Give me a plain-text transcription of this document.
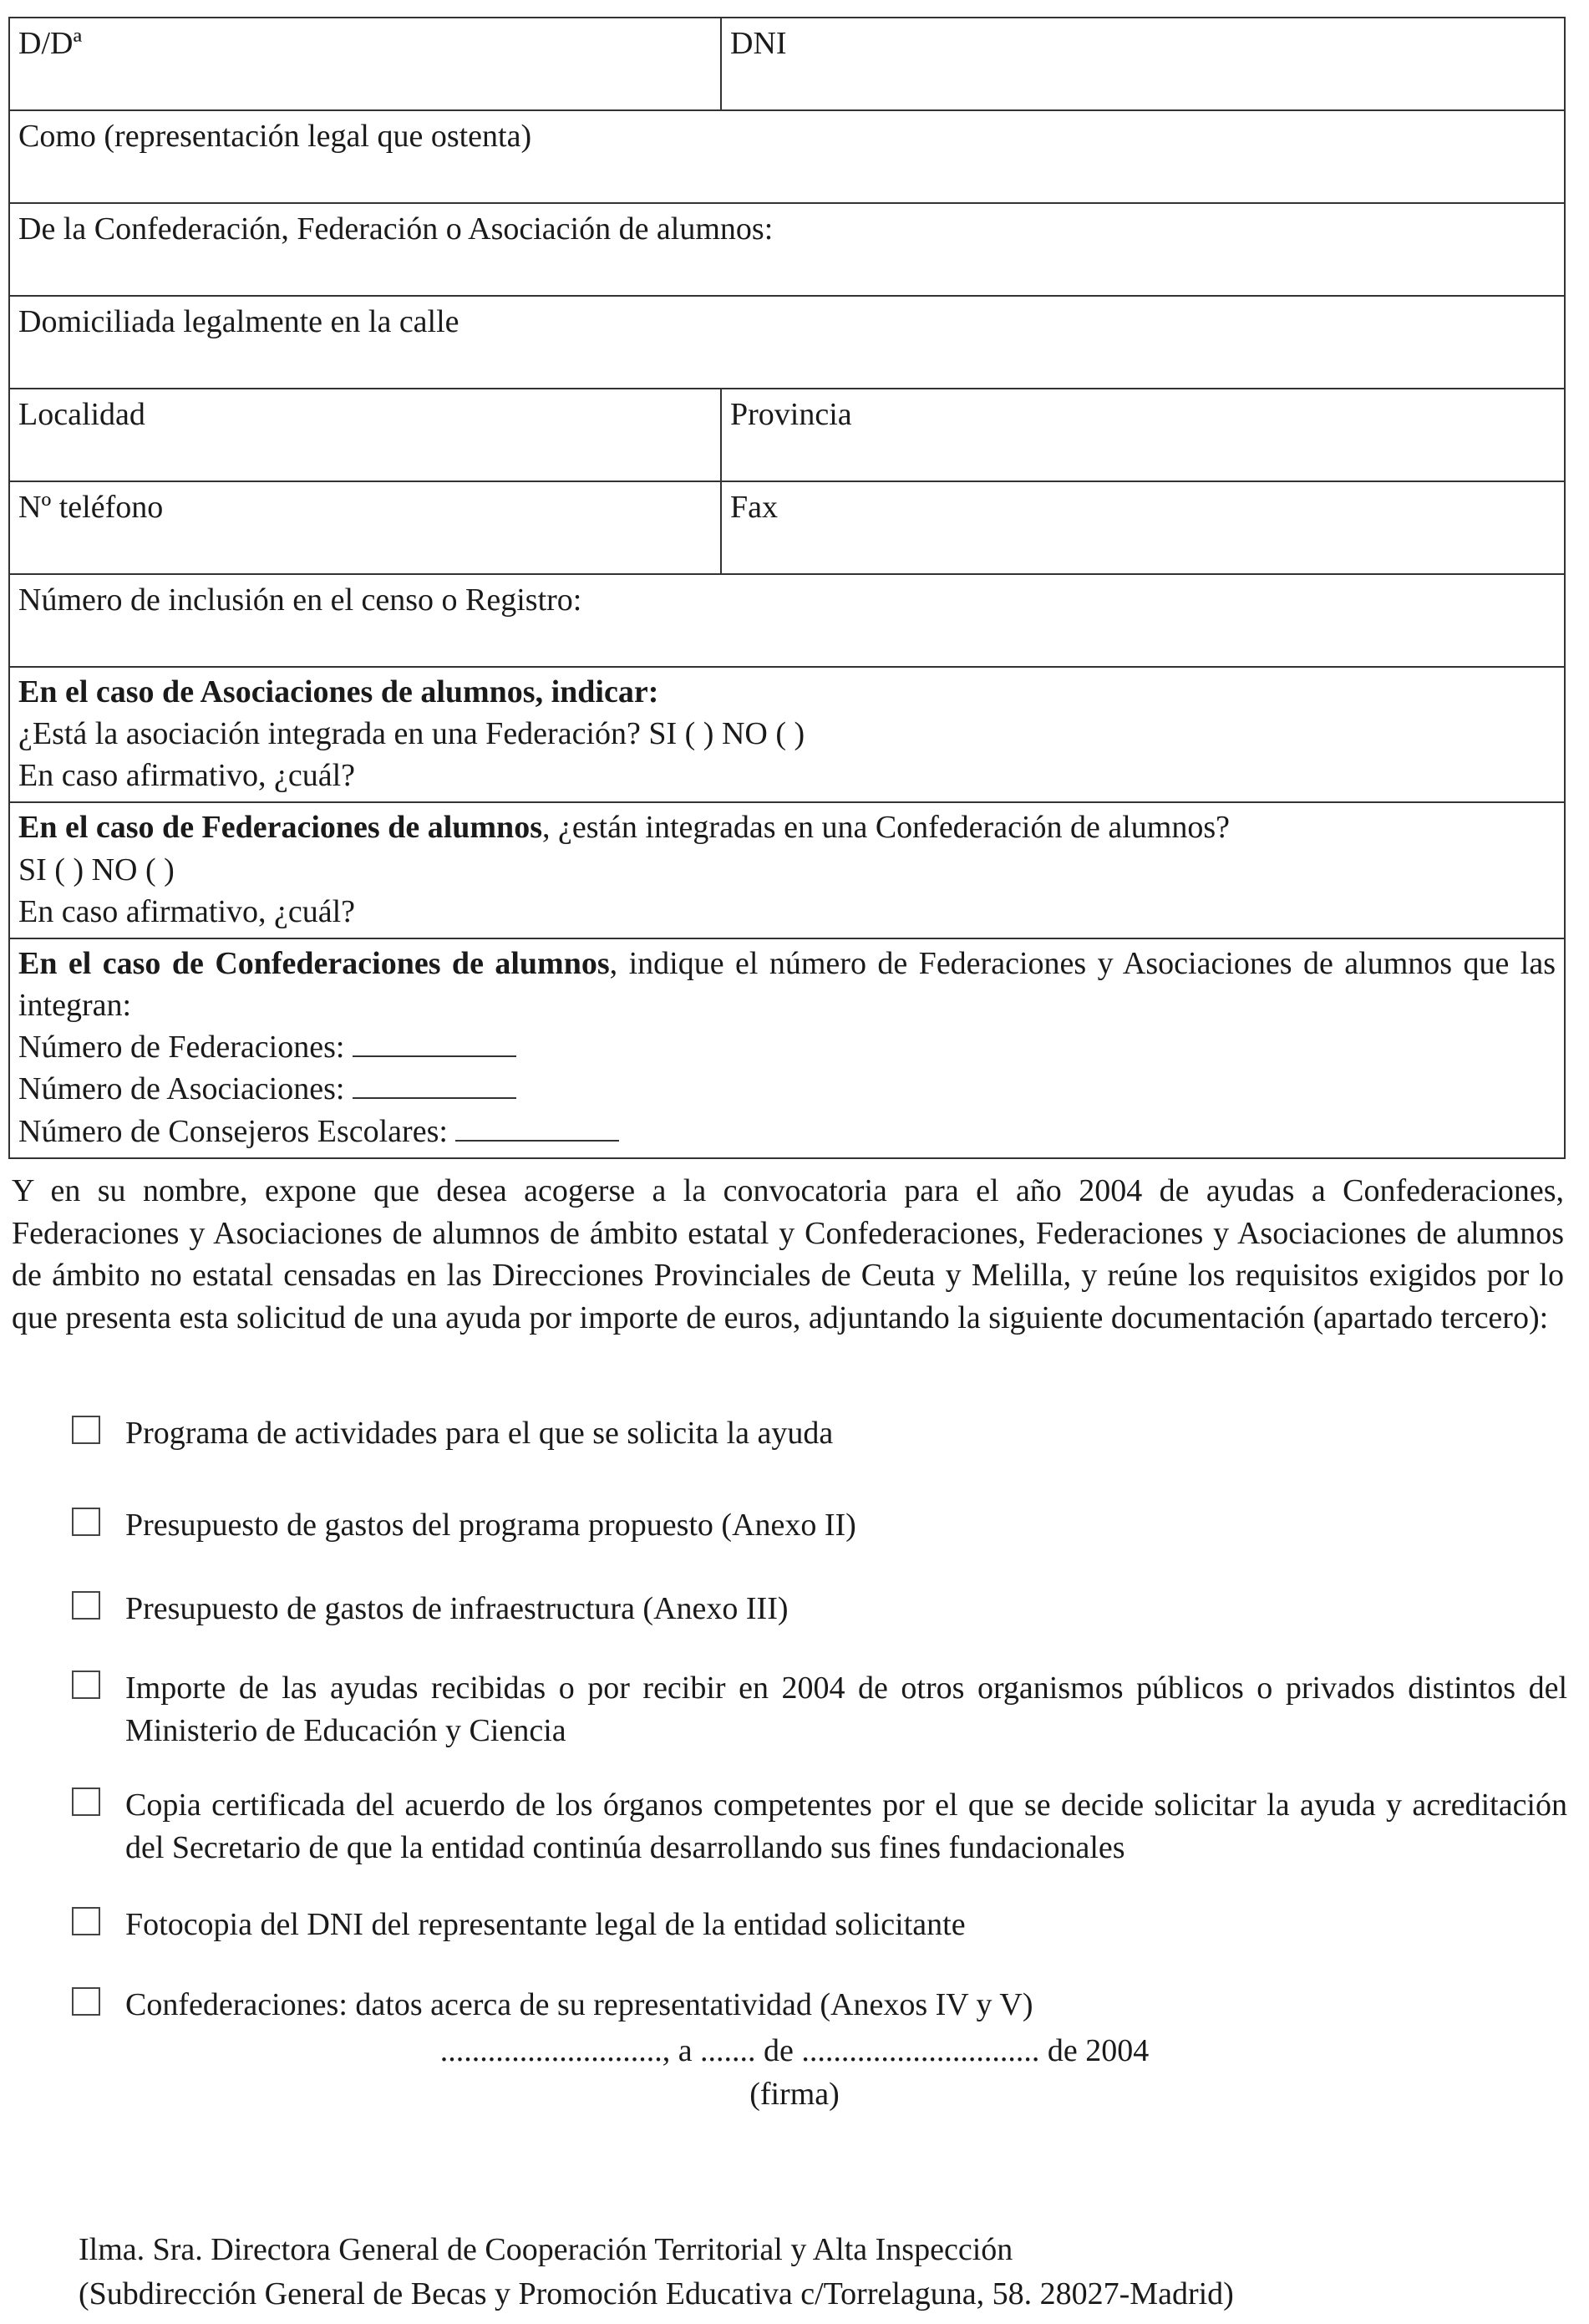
D/Dª	DNI
Como (representación legal que ostenta)
De la Confederación, Federación o Asociación de alumnos:
Domiciliada legalmente en la calle
Localidad	Provincia
Nº teléfono	Fax
Número de inclusión en el censo o Registro:
En el caso de Asociaciones de alumnos, indicar:
¿Está la asociación integrada en una Federación? SI ( ) NO ( )
En caso afirmativo, ¿cuál?
En el caso de Federaciones de alumnos, ¿están integradas en una Confederación de alumnos?
SI ( ) NO ( )
En caso afirmativo, ¿cuál?
En el caso de Confederaciones de alumnos, indique el número de Federaciones y Asociaciones de alumnos que las integran:
Número de Federaciones:
Número de Asociaciones:
Número de Consejeros Escolares:

Y en su nombre, expone que desea acogerse a la convocatoria para el año 2004 de ayudas a Confederaciones, Federaciones y Asociaciones de alumnos de ámbito estatal y Confederaciones, Federaciones y Asociaciones de alumnos de ámbito no estatal censadas en las Direcciones Provinciales de Ceuta y Melilla, y reúne los requisitos exigidos por lo que presenta esta solicitud de una ayuda por importe de euros, adjuntando la siguiente documentación (apartado tercero):

Programa de actividades para el que se solicita la ayuda
Presupuesto de gastos del programa propuesto (Anexo II)
Presupuesto de gastos de infraestructura (Anexo III)
Importe de las ayudas recibidas o por recibir en 2004 de otros organismos públicos o privados distintos del Ministerio de Educación y Ciencia
Copia certificada del acuerdo de los órganos competentes por el que se decide solicitar la ayuda y acreditación del Secretario de que la entidad continúa desarrollando sus fines fundacionales
Fotocopia del DNI del representante legal de la entidad solicitante
Confederaciones: datos acerca de su representatividad (Anexos IV y V)
............................, a ....... de .............................. de 2004
(firma)
Ilma. Sra. Directora General de Cooperación Territorial y Alta Inspección
(Subdirección General de Becas y Promoción Educativa c/Torrelaguna, 58. 28027-Madrid)
